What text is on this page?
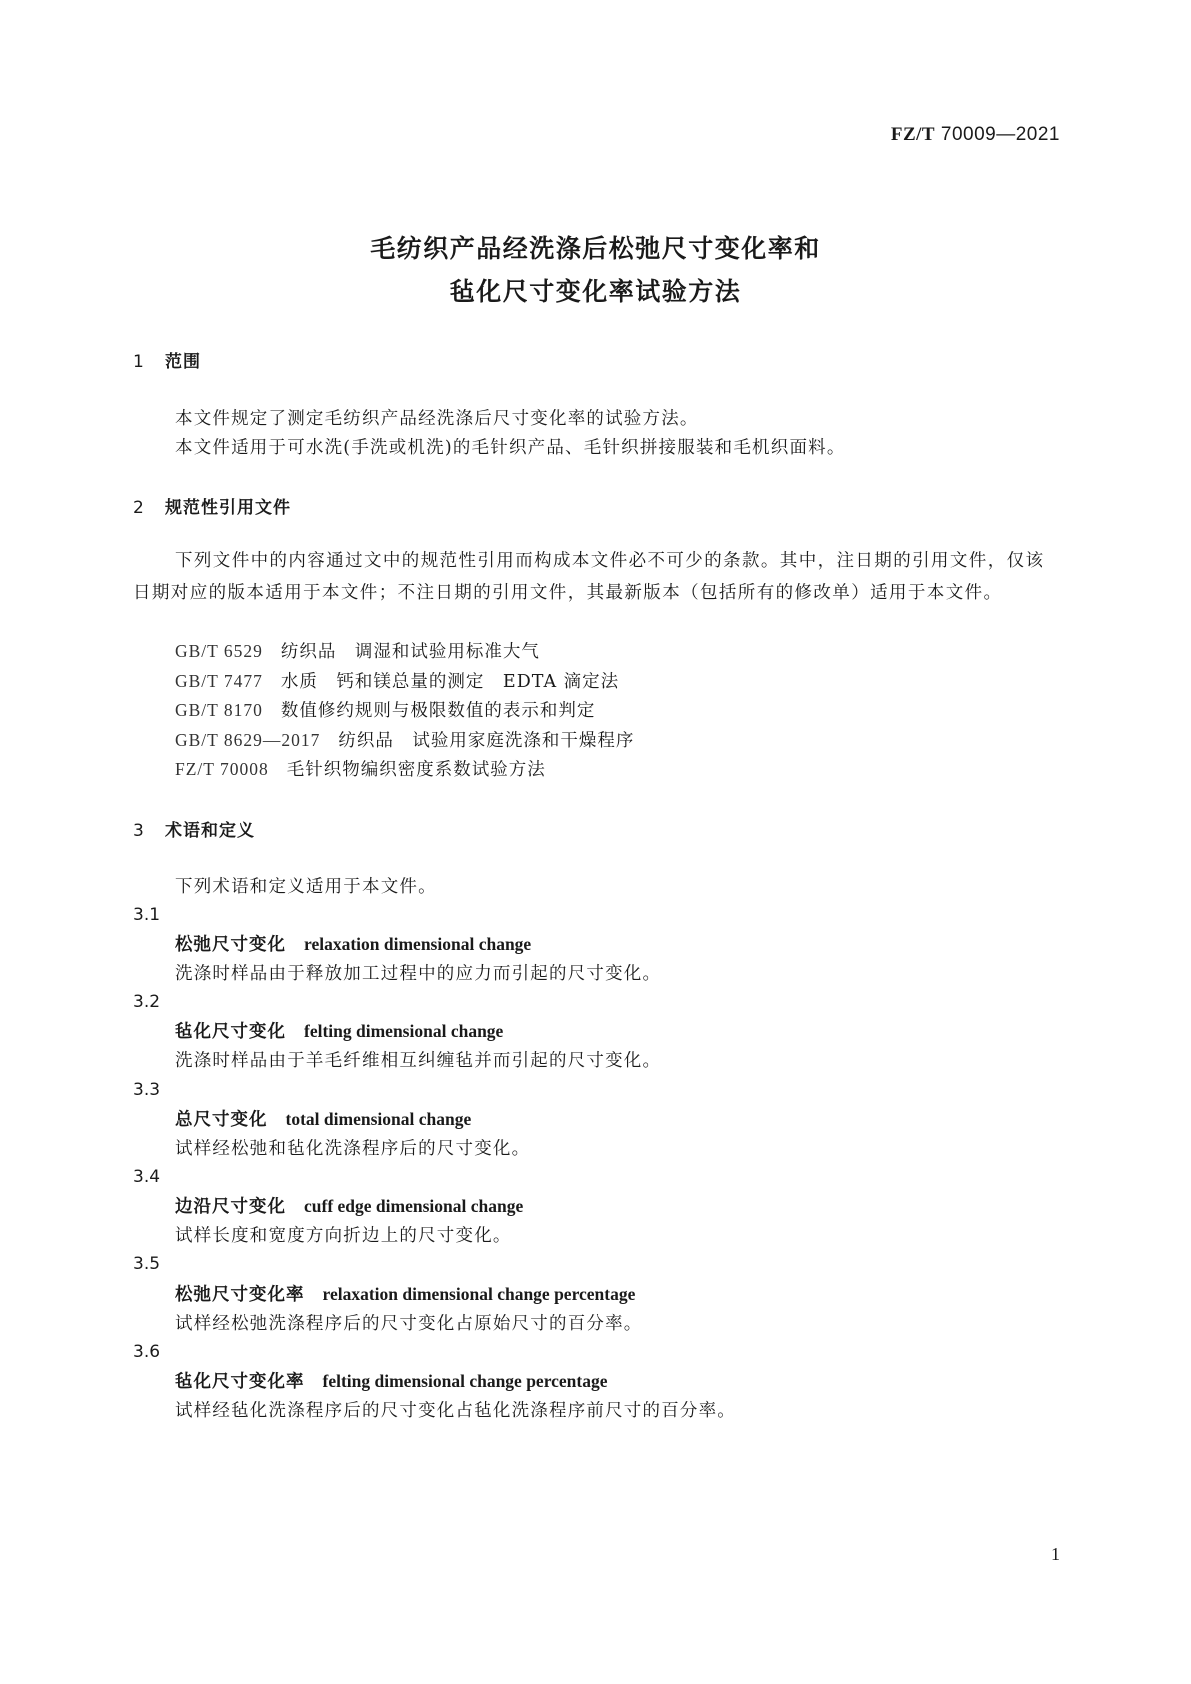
FZ/T 70009—2021
毛纺织产品经洗涤后松弛尺寸变化率和
毡化尺寸变化率试验方法
1 范围
本文件规定了测定毛纺织产品经洗涤后尺寸变化率的试验方法。
本文件适用于可水洗(手洗或机洗)的毛针织产品、毛针织拼接服装和毛机织面料。
2 规范性引用文件
下列文件中的内容通过文中的规范性引用而构成本文件必不可少的条款。其中，注日期的引用文件，仅该日期对应的版本适用于本文件；不注日期的引用文件，其最新版本（包括所有的修改单）适用于本文件。
GB/T 6529 纺织品　调湿和试验用标准大气
GB/T 7477 水质　钙和镁总量的测定　EDTA 滴定法
GB/T 8170 数值修约规则与极限数值的表示和判定
GB/T 8629—2017 纺织品　试验用家庭洗涤和干燥程序
FZ/T 70008 毛针织物编织密度系数试验方法
3 术语和定义
下列术语和定义适用于本文件。
3.1
松弛尺寸变化 relaxation dimensional change
洗涤时样品由于释放加工过程中的应力而引起的尺寸变化。
3.2
毡化尺寸变化 felting dimensional change
洗涤时样品由于羊毛纤维相互纠缠毡并而引起的尺寸变化。
3.3
总尺寸变化 total dimensional change
试样经松弛和毡化洗涤程序后的尺寸变化。
3.4
边沿尺寸变化 cuff edge dimensional change
试样长度和宽度方向折边上的尺寸变化。
3.5
松弛尺寸变化率 relaxation dimensional change percentage
试样经松弛洗涤程序后的尺寸变化占原始尺寸的百分率。
3.6
毡化尺寸变化率 felting dimensional change percentage
试样经毡化洗涤程序后的尺寸变化占毡化洗涤程序前尺寸的百分率。
1
